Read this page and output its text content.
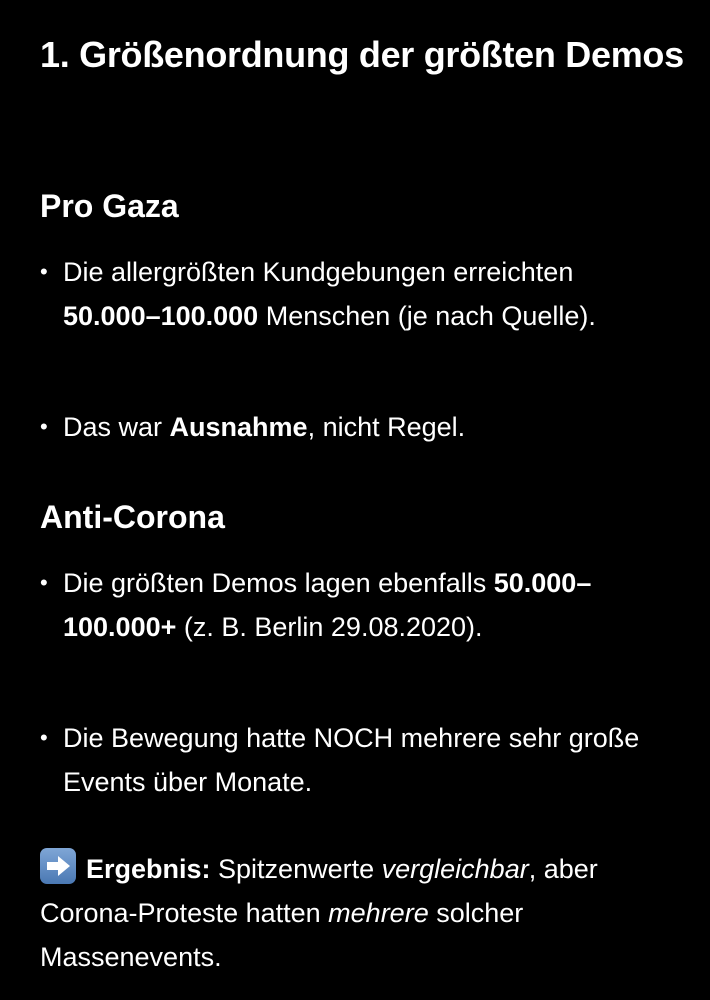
1. Größenordnung der größten Demos
Pro Gaza
• Die allergrößten Kundgebungen erreichten 50.000–100.000 Menschen (je nach Quelle).
• Das war Ausnahme, nicht Regel.
Anti-Corona
• Die größten Demos lagen ebenfalls 50.000–100.000+ (z. B. Berlin 29.08.2020).
• Die Bewegung hatte NOCH mehrere sehr große Events über Monate.

Ergebnis: Spitzenwerte vergleichbar, aber Corona-Proteste hatten mehrere solcher Massenevents.
